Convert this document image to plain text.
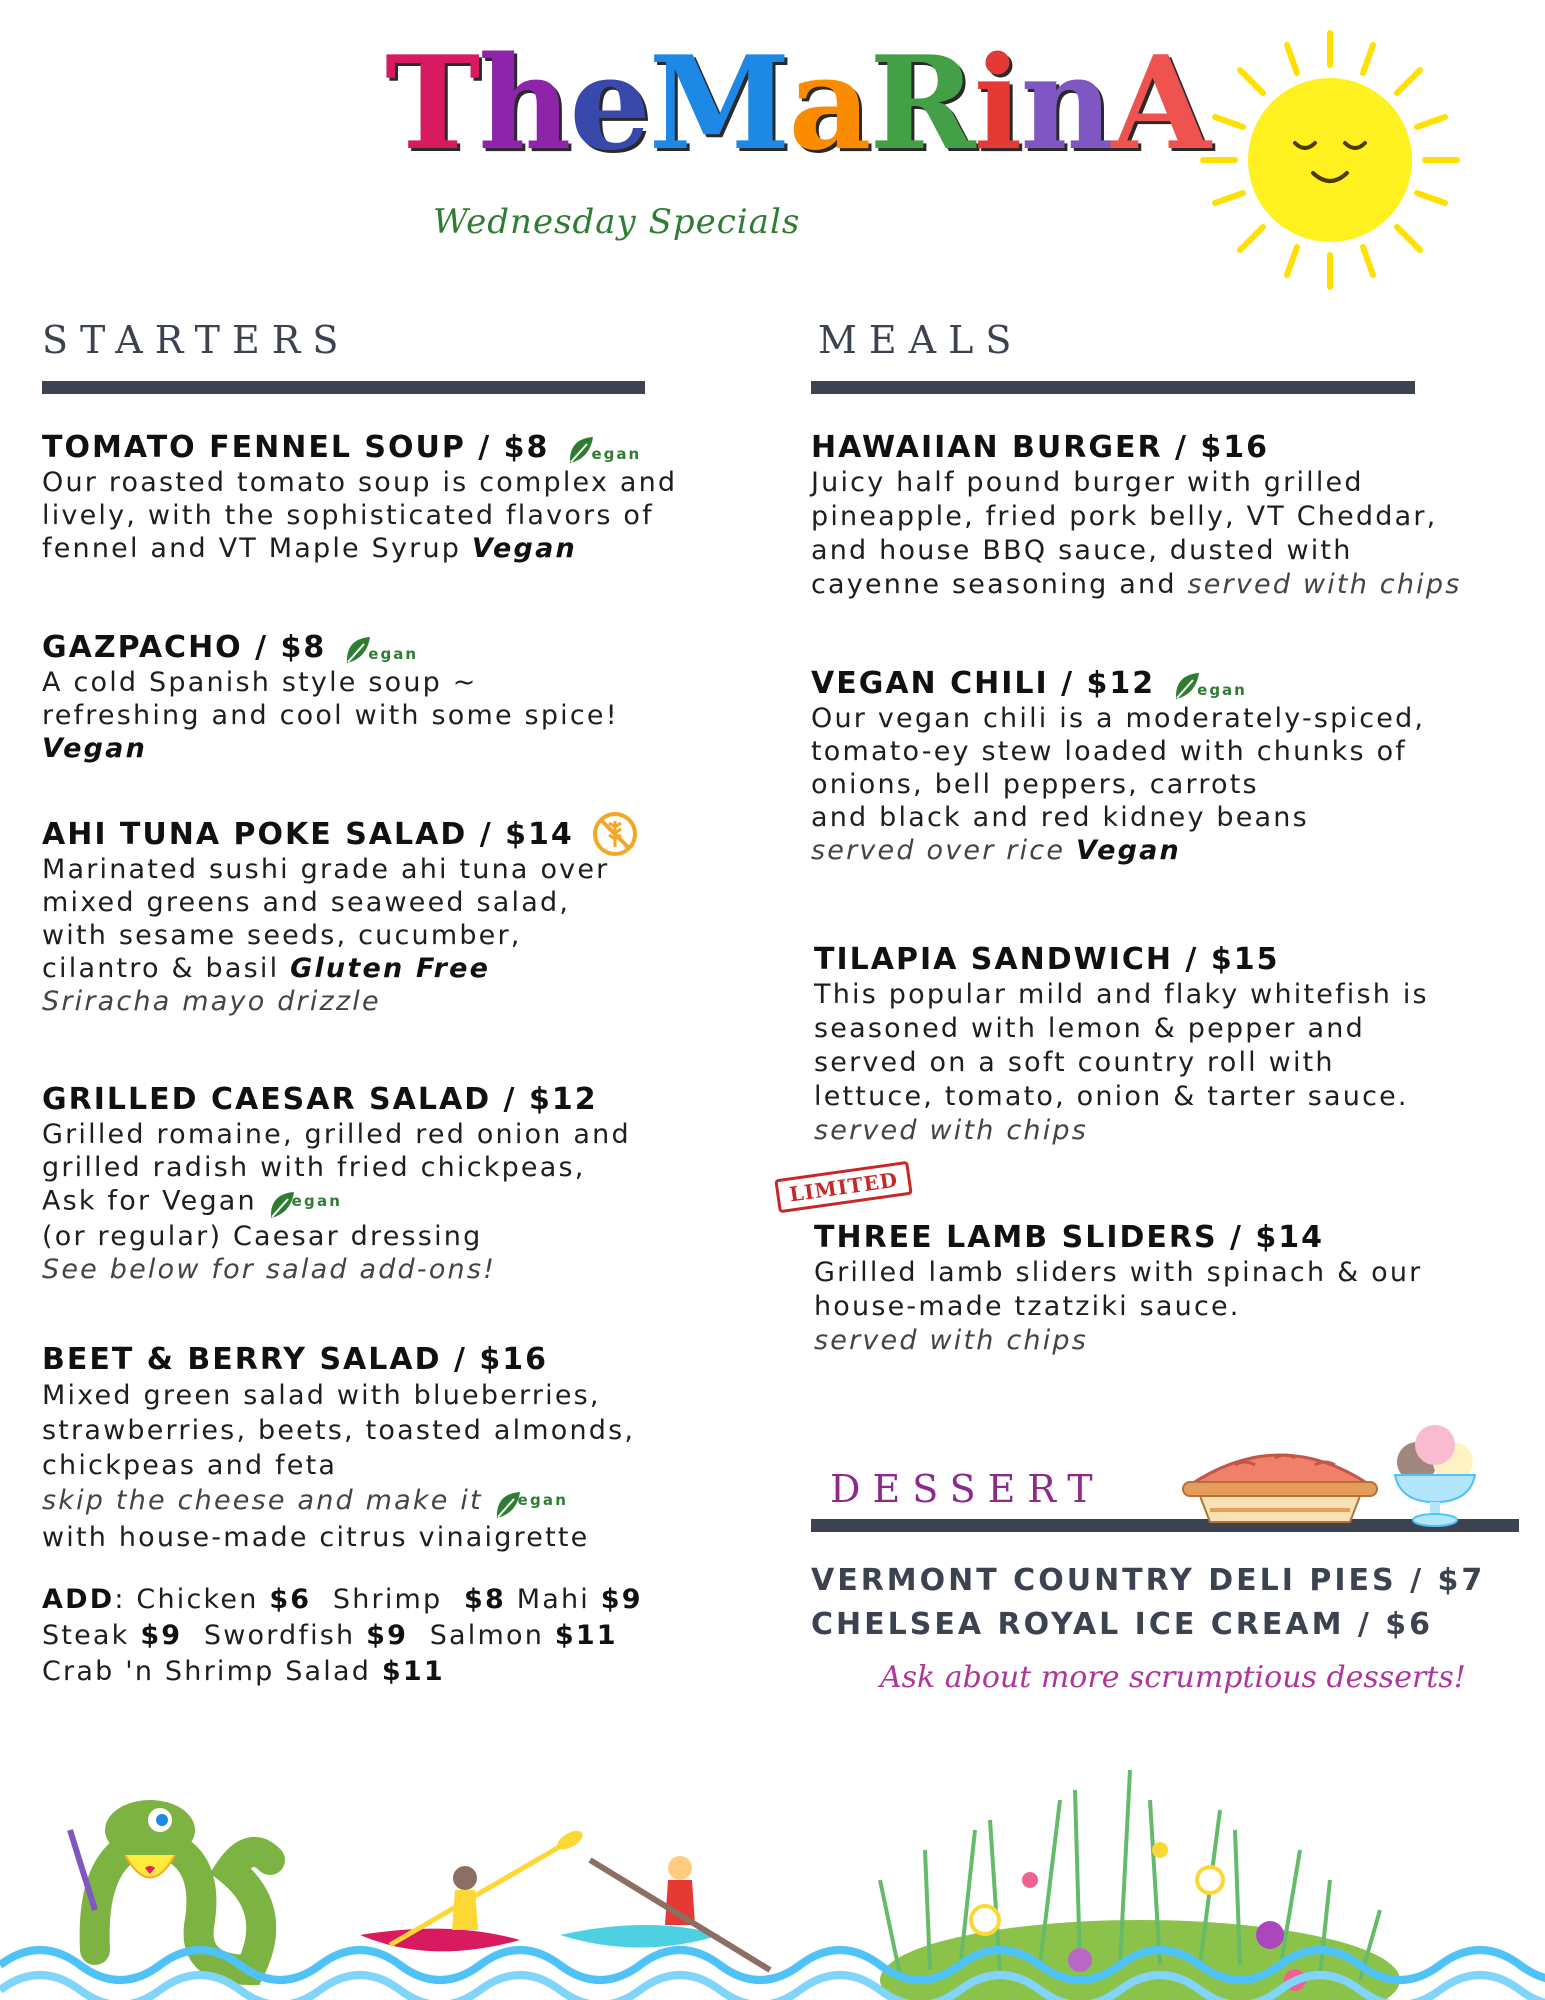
TheMaRinA
Wednesday Specials
STARTERS
TOMATO FENNEL SOUP / $8	egan
Our roasted tomato soup is complex and
lively, with the sophisticated flavors of
fennel and VT Maple Syrup Vegan
GAZPACHO / $8	egan
A cold Spanish style soup ~
refreshing and cool with some spice!
Vegan
AHI TUNA POKE SALAD / $14
Marinated sushi grade ahi tuna over
mixed greens and seaweed salad,
with sesame seeds, cucumber,
cilantro & basil Gluten Free
Sriracha mayo drizzle
GRILLED CAESAR SALAD / $12
Grilled romaine, grilled red onion and
grilled radish with fried chickpeas,
Ask for Vegan egan
(or regular) Caesar dressing
See below for salad add-ons!
BEET & BERRY SALAD / $16
Mixed green salad with blueberries,
strawberries, beets, toasted almonds,
chickpeas and feta
skip the cheese and make it egan
with house-made citrus vinaigrette
ADD: Chicken $6 Shrimp  $8 Mahi $9
Steak $9 Swordfish $9 Salmon $11
Crab 'n Shrimp Salad $11
MEALS
HAWAIIAN BURGER / $16
Juicy half pound burger with grilled
pineapple, fried pork belly, VT Cheddar,
and house BBQ sauce, dusted with
cayenne seasoning and served with chips
VEGAN CHILI / $12	egan
Our vegan chili is a moderately-spiced,
tomato-ey stew loaded with chunks of
onions, bell peppers, carrots
and black and red kidney beans
served over rice Vegan
TILAPIA SANDWICH / $15
This popular mild and flaky whitefish is
seasoned with lemon & pepper and
served on a soft country roll with
lettuce, tomato, onion & tarter sauce.
served with chips
LIMITED
THREE LAMB SLIDERS / $14
Grilled lamb sliders with spinach & our
house-made tzatziki sauce.
served with chips
DESSERT
VERMONT COUNTRY DELI PIES / $7
CHELSEA ROYAL ICE CREAM / $6
Ask about more scrumptious desserts!
